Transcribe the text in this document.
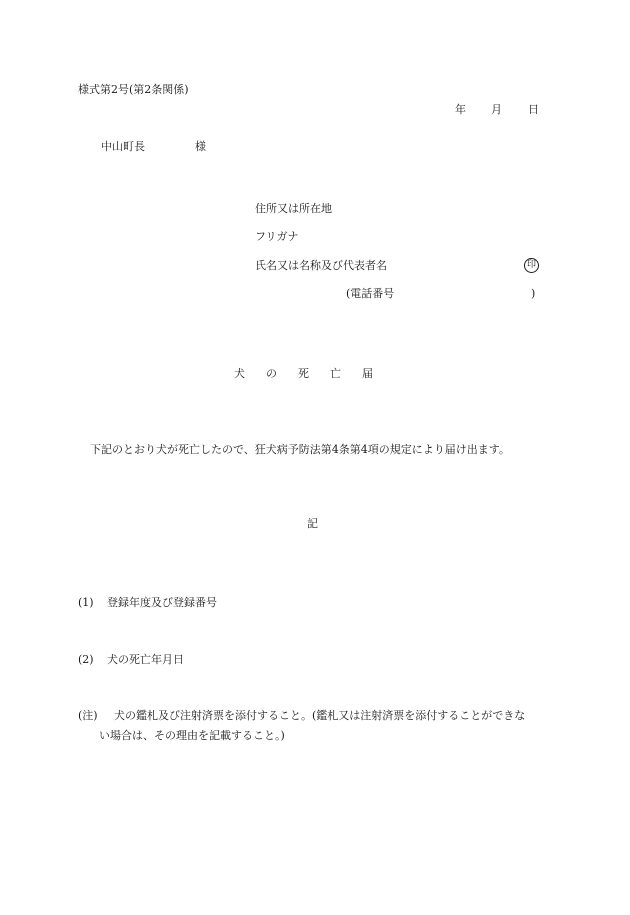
様式第2号(第2条関係)
年 月 日
中山町長	様
住所又は所在地
フリガナ
氏名又は名称及び代表者名	印
(電話番号	)
犬 の 死 亡 届
下記のとおり犬が死亡したので、狂犬病予防法第4条第4項の規定により届け出ます。
記
(1) 登録年度及び登録番号
(2) 犬の死亡年月日
(注) 犬の鑑札及び注射済票を添付すること。(鑑札又は注射済票を添付することができな
い場合は、その理由を記載すること。)
